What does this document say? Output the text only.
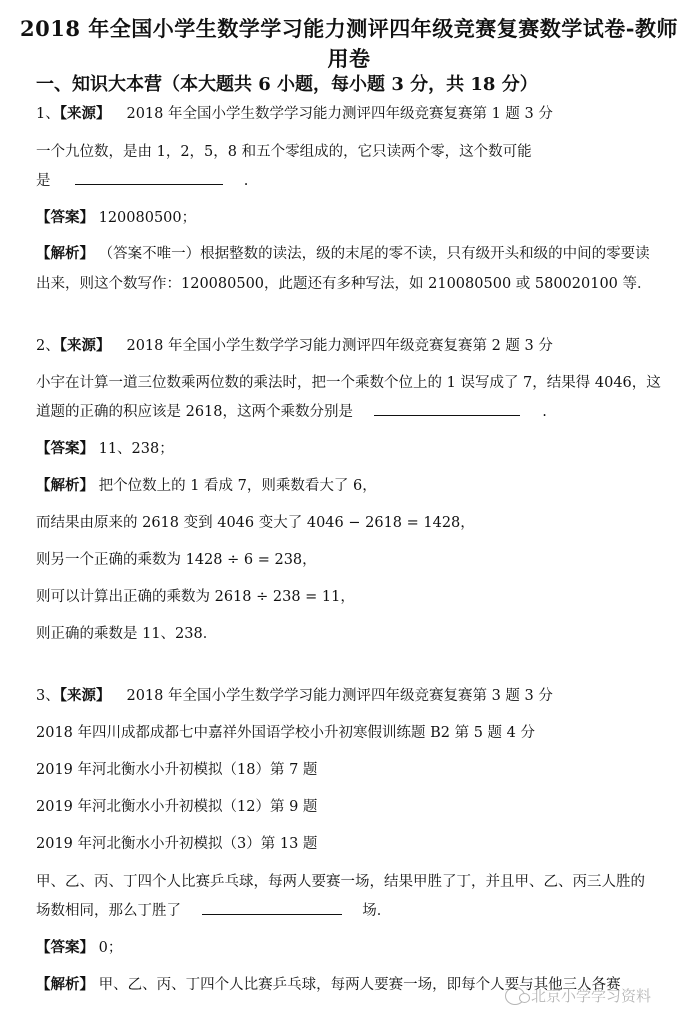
2018 年全国小学生数学学习能力测评四年级竞赛复赛数学试卷-教师
用卷
一、知识大本营（本大题共 6 小题，每小题 3 分，共 18 分）
1、【来源】 2018 年全国小学生数学学习能力测评四年级竞赛复赛第 1 题 3 分
一个九位数，是由 1，2，5，8 和五个零组成的，它只读两个零，这个数可能
是	.
【答案】 120080500；
【解析】 （答案不唯一）根据整数的读法，级的末尾的零不读，只有级开头和级的中间的零要读
出来，则这个数写作：120080500，此题还有多种写法，如 210080500 或 580020100 等．
2、【来源】 2018 年全国小学生数学学习能力测评四年级竞赛复赛第 2 题 3 分
小宇在计算一道三位数乘两位数的乘法时，把一个乘数个位上的 1 误写成了 7，结果得 4046，这
道题的正确的积应该是 2618，这两个乘数分别是	.
【答案】 11、238；
【解析】 把个位数上的 1 看成 7，则乘数看大了 6，
而结果由原来的 2618 变到 4046 变大了 4046 − 2618 = 1428，
则另一个正确的乘数为 1428 ÷ 6 = 238，
则可以计算出正确的乘数为 2618 ÷ 238 = 11，
则正确的乘数是 11、238．
3、【来源】 2018 年全国小学生数学学习能力测评四年级竞赛复赛第 3 题 3 分
2018 年四川成都成都七中嘉祥外国语学校小升初寒假训练题 B2 第 5 题 4 分
2019 年河北衡水小升初模拟（18）第 7 题
2019 年河北衡水小升初模拟（12）第 9 题
2019 年河北衡水小升初模拟（3）第 13 题
甲、乙、丙、丁四个人比赛乒乓球，每两人要赛一场，结果甲胜了丁，并且甲、乙、丙三人胜的
场数相同，那么丁胜了	场．
【答案】 0；
【解析】 甲、乙、丙、丁四个人比赛乒乓球，每两人要赛一场，即每个人要与其他三人各赛
北京小学学习资料
